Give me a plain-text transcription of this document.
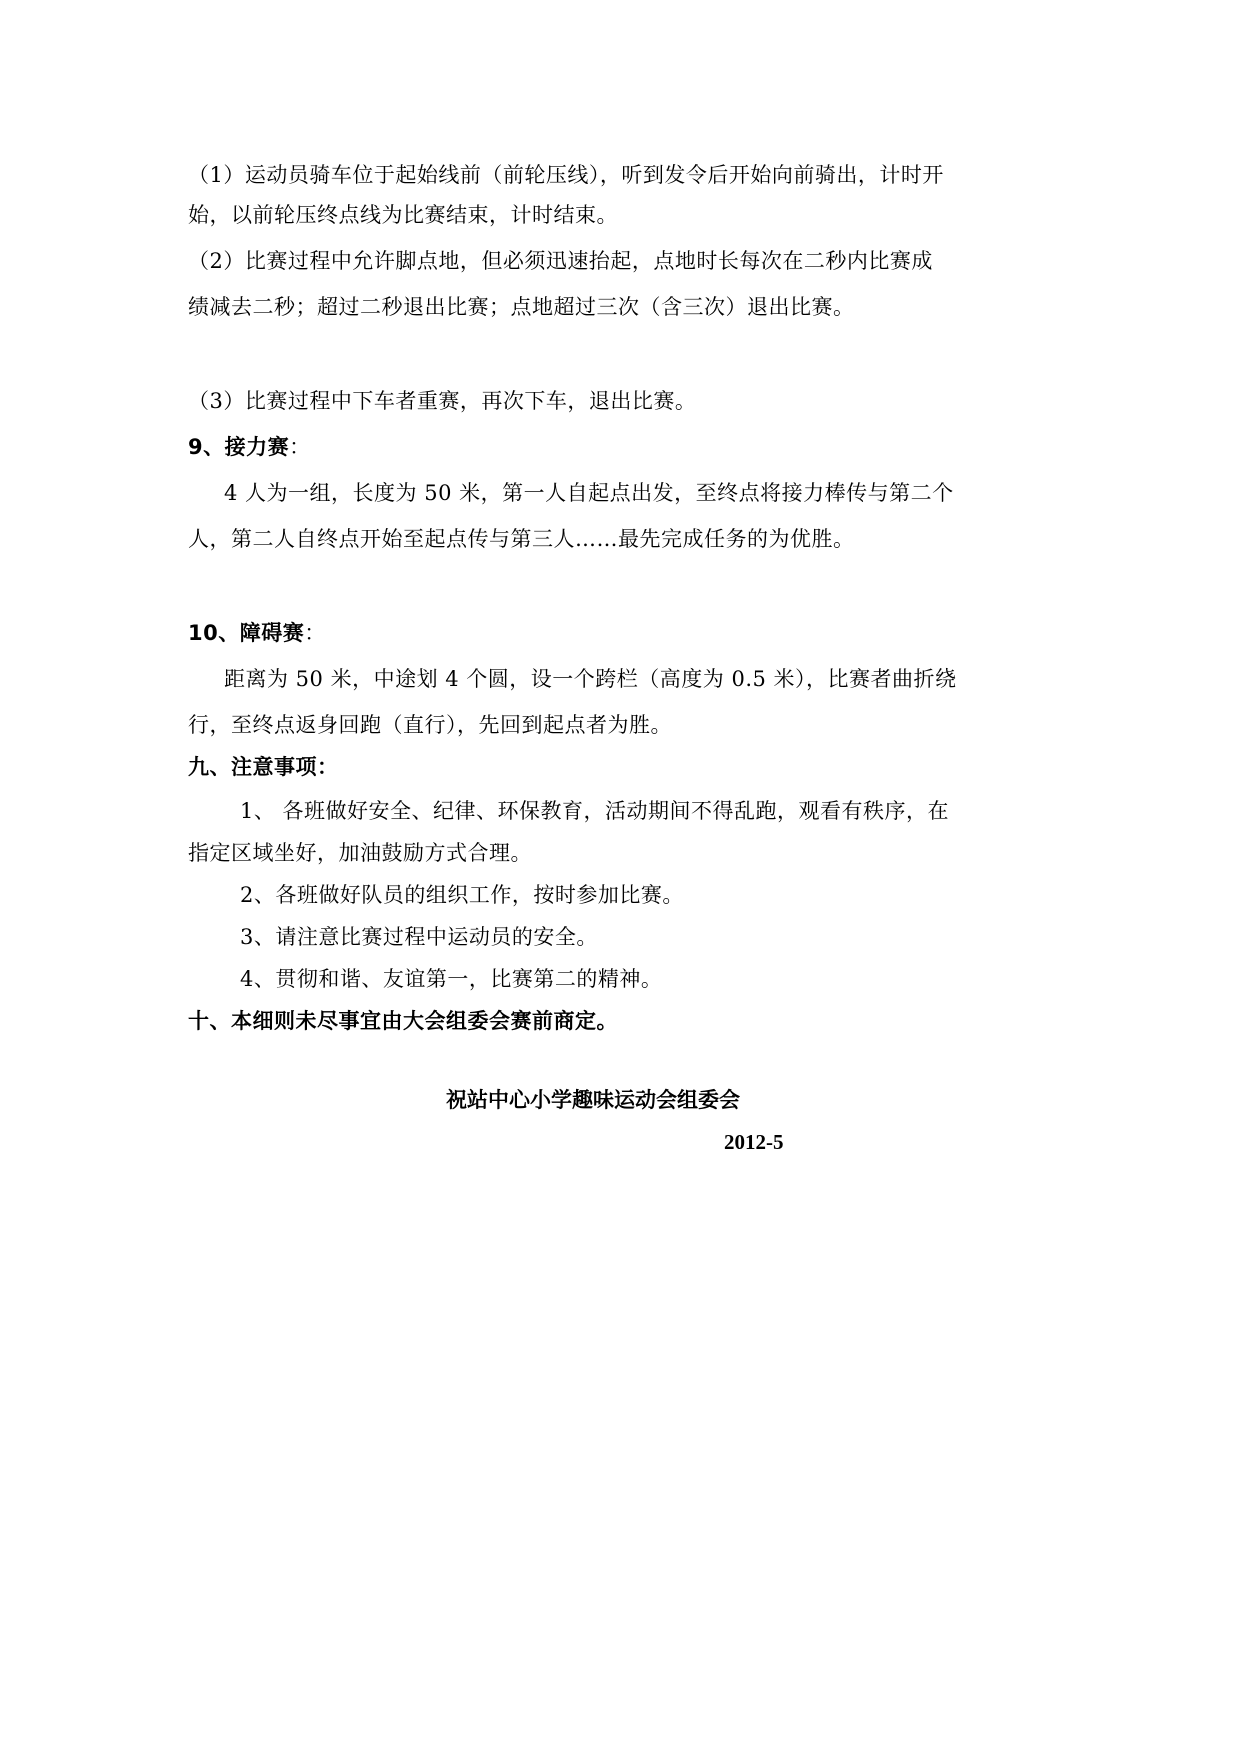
（1）运动员骑车位于起始线前（前轮压线），听到发令后开始向前骑出，计时开
始，以前轮压终点线为比赛结束，计时结束。
（2）比赛过程中允许脚点地，但必须迅速抬起，点地时长每次在二秒内比赛成
绩减去二秒；超过二秒退出比赛；点地超过三次（含三次）退出比赛。
（3）比赛过程中下车者重赛，再次下车，退出比赛。
9、接力赛：
4 人为一组，长度为 50 米，第一人自起点出发，至终点将接力棒传与第二个
人，第二人自终点开始至起点传与第三人……最先完成任务的为优胜。
10、障碍赛：
距离为 50 米，中途划 4 个圆，设一个跨栏（高度为 0.5 米），比赛者曲折绕
行，至终点返身回跑（直行），先回到起点者为胜。
九、注意事项：
1、 各班做好安全、纪律、环保教育，活动期间不得乱跑，观看有秩序，在
指定区域坐好，加油鼓励方式合理。
2、各班做好队员的组织工作，按时参加比赛。
3、请注意比赛过程中运动员的安全。
4、贯彻和谐、友谊第一，比赛第二的精神。
十、本细则未尽事宜由大会组委会赛前商定。
祝站中心小学趣味运动会组委会
2012-5
